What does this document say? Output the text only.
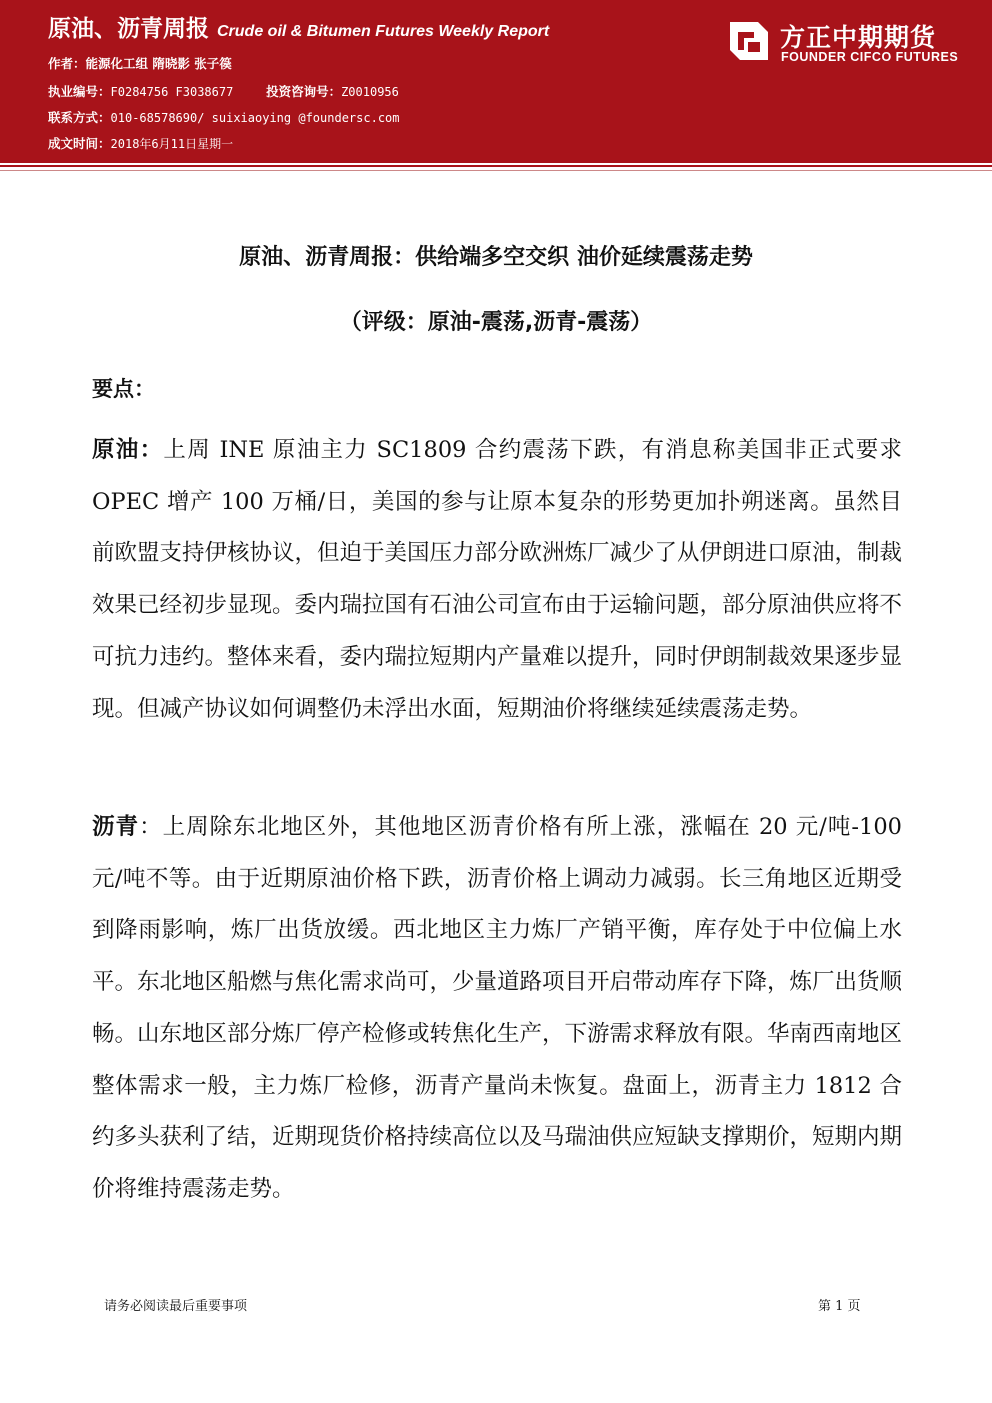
原油、沥青周报 Crude oil & Bitumen Futures Weekly Report
作者：能源化工组 隋晓影 张子篌
执业编号：F0284756 F3038677	投资咨询号：Z0010956
联系方式：010-68578690/ suixiaoying @foundersc.com
成文时间：2018年6月11日星期一
方正中期期货
FOUNDER CIFCO FUTURES
原油、沥青周报：供给端多空交织 油价延续震荡走势
（评级：原油-震荡,沥青-震荡）
要点：
原油：上周 INE 原油主力 SC1809 合约震荡下跌，有消息称美国非正式要求 OPEC 增产 100 万桶/日，美国的参与让原本复杂的形势更加扑朔迷离。虽然目前欧盟支持伊核协议，但迫于美国压力部分欧洲炼厂减少了从伊朗进口原油，制裁效果已经初步显现。委内瑞拉国有石油公司宣布由于运输问题，部分原油供应将不可抗力违约。整体来看，委内瑞拉短期内产量难以提升，同时伊朗制裁效果逐步显现。但减产协议如何调整仍未浮出水面，短期油价将继续延续震荡走势。
沥青：上周除东北地区外，其他地区沥青价格有所上涨，涨幅在 20 元/吨-100 元/吨不等。由于近期原油价格下跌，沥青价格上调动力减弱。长三角地区近期受到降雨影响，炼厂出货放缓。西北地区主力炼厂产销平衡，库存处于中位偏上水平。东北地区船燃与焦化需求尚可，少量道路项目开启带动库存下降，炼厂出货顺畅。山东地区部分炼厂停产检修或转焦化生产，下游需求释放有限。华南西南地区整体需求一般，主力炼厂检修，沥青产量尚未恢复。盘面上，沥青主力 1812 合约多头获利了结，近期现货价格持续高位以及马瑞油供应短缺支撑期价，短期内期价将维持震荡走势。
请务必阅读最后重要事项	第 1 页
